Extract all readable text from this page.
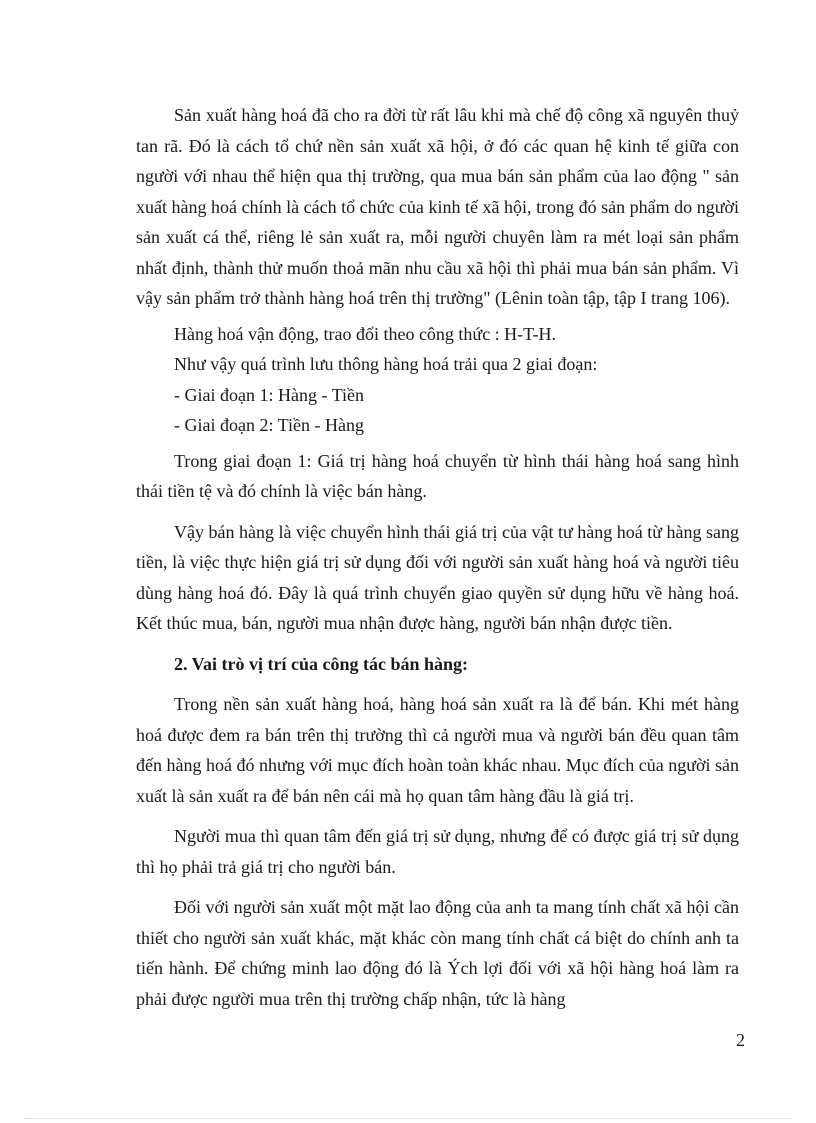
Sản xuất hàng hoá đã cho ra đời từ rất lâu khi mà chế độ công xã nguyên thuỷ tan rã. Đó là cách tổ chứ nền sản xuất xã hội, ở đó các quan hệ kinh tế giữa con người với nhau thể hiện qua thị trường, qua mua bán sản phẩm của lao động " sản xuất hàng hoá chính là cách tổ chức của kinh tế xã hội, trong đó sản phẩm do người sản xuất cá thể, riêng lẻ sản xuất ra, mỗi người chuyên làm ra mét loại sản phẩm nhất định, thành thử muốn thoả mãn nhu cầu xã hội thì phải mua bán sản phẩm. Vì vậy sản phẩm trở thành hàng hoá trên thị trường" (Lênin toàn tập, tập I trang 106).

Hàng hoá vận động, trao đổi theo công thức : H-T-H.

Như vậy quá trình lưu thông hàng hoá trải qua 2 giai đoạn:

- Giai đoạn 1: Hàng - Tiền

- Giai đoạn 2: Tiền - Hàng

Trong giai đoạn 1: Giá trị hàng hoá chuyển từ hình thái hàng hoá sang hình thái tiền tệ và đó chính là việc bán hàng.

Vậy bán hàng là việc chuyển hình thái giá trị của vật tư hàng hoá từ hàng sang tiền, là việc thực hiện giá trị sử dụng đối với người sản xuất hàng hoá và người tiêu dùng hàng hoá đó. Đây là quá trình chuyển giao quyền sử dụng hữu về hàng hoá. Kết thúc mua, bán, người mua nhận được hàng, người bán nhận được tiền.

2. Vai trò vị trí của công tác bán hàng:

Trong nền sản xuất hàng hoá, hàng hoá sản xuất ra là để bán. Khi mét hàng hoá được đem ra bán trên thị trường thì cả người mua và người bán đều quan tâm đến hàng hoá đó nhưng với mục đích hoàn toàn khác nhau. Mục đích của người sản xuất là sản xuất ra để bán nên cái mà họ quan tâm hàng đầu là giá trị.

Người mua thì quan tâm đến giá trị sử dụng, nhưng để có được giá trị sử dụng thì họ phải trả giá trị cho người bán.

Đối với người sản xuất một mặt lao động của anh ta mang tính chất xã hội cần thiết cho người sản xuất khác, mặt khác còn mang tính chất cá biệt do chính anh ta tiến hành. Để chứng minh lao động đó là Ých lợi đối với xã hội hàng hoá làm ra phải được người mua trên thị trường chấp nhận, tức là hàng

2
